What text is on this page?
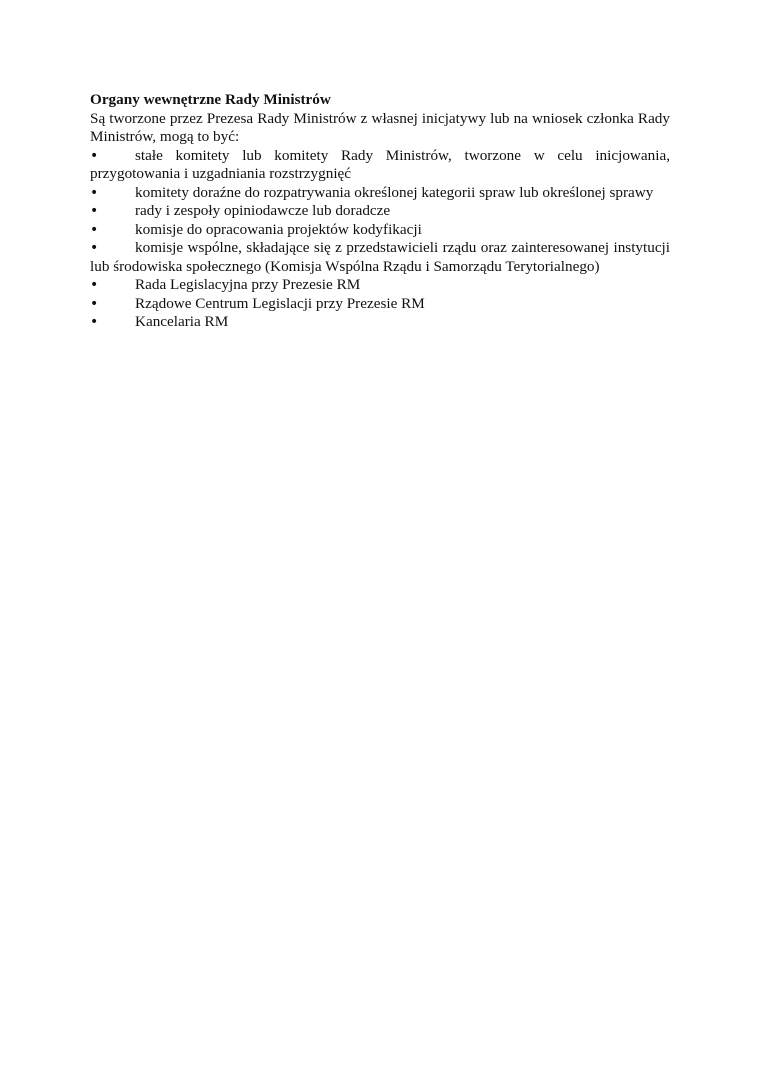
Organy wewnętrzne Rady Ministrów

Są tworzone przez Prezesa Rady Ministrów z własnej inicjatywy lub na wniosek członka Rady Ministrów, mogą to być:

• stałe komitety lub komitety Rady Ministrów, tworzone w celu inicjowania, przygotowania i uzgadniania rozstrzygnięć
• komitety doraźne do rozpatrywania określonej kategorii spraw lub określonej sprawy
• rady i zespoły opiniodawcze lub doradcze
• komisje do opracowania projektów kodyfikacji
• komisje wspólne, składające się z przedstawicieli rządu oraz zainteresowanej instytucji lub środowiska społecznego (Komisja Wspólna Rządu i Samorządu Terytorialnego)
• Rada Legislacyjna przy Prezesie RM
• Rządowe Centrum Legislacji przy Prezesie RM
• Kancelaria RM
